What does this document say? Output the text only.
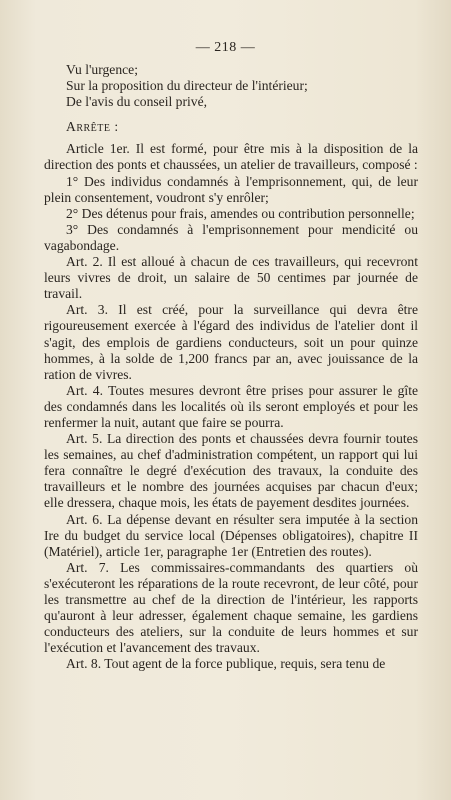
— 218 —

Vu l'urgence;

Sur la proposition du directeur de l'intérieur;

De l'avis du conseil privé,

Arrête :

Article 1er. Il est formé, pour être mis à la disposition de la direction des ponts et chaussées, un atelier de travailleurs, composé :

1° Des individus condamnés à l'emprisonnement, qui, de leur plein consentement, voudront s'y enrôler;

2° Des détenus pour frais, amendes ou contribution personnelle;

3° Des condamnés à l'emprisonnement pour mendicité ou vagabondage.

Art. 2. Il est alloué à chacun de ces travailleurs, qui recevront leurs vivres de droit, un salaire de 50 centimes par journée de travail.

Art. 3. Il est créé, pour la surveillance qui devra être rigoureusement exercée à l'égard des individus de l'atelier dont il s'agit, des emplois de gardiens conducteurs, soit un pour quinze hommes, à la solde de 1,200 francs par an, avec jouissance de la ration de vivres.

Art. 4. Toutes mesures devront être prises pour assurer le gîte des condamnés dans les localités où ils seront employés et pour les renfermer la nuit, autant que faire se pourra.

Art. 5. La direction des ponts et chaussées devra fournir toutes les semaines, au chef d'administration compétent, un rapport qui lui fera connaître le degré d'exécution des travaux, la conduite des travailleurs et le nombre des journées acquises par chacun d'eux; elle dressera, chaque mois, les états de payement desdites journées.

Art. 6. La dépense devant en résulter sera imputée à la section Ire du budget du service local (Dépenses obligatoires), chapitre II (Matériel), article 1er, paragraphe 1er (Entretien des routes).

Art. 7. Les commissaires-commandants des quartiers où s'exécuteront les réparations de la route recevront, de leur côté, pour les transmettre au chef de la direction de l'intérieur, les rapports qu'auront à leur adresser, également chaque semaine, les gardiens conducteurs des ateliers, sur la conduite de leurs hommes et sur l'exécution et l'avancement des travaux.

Art. 8. Tout agent de la force publique, requis, sera tenu de
